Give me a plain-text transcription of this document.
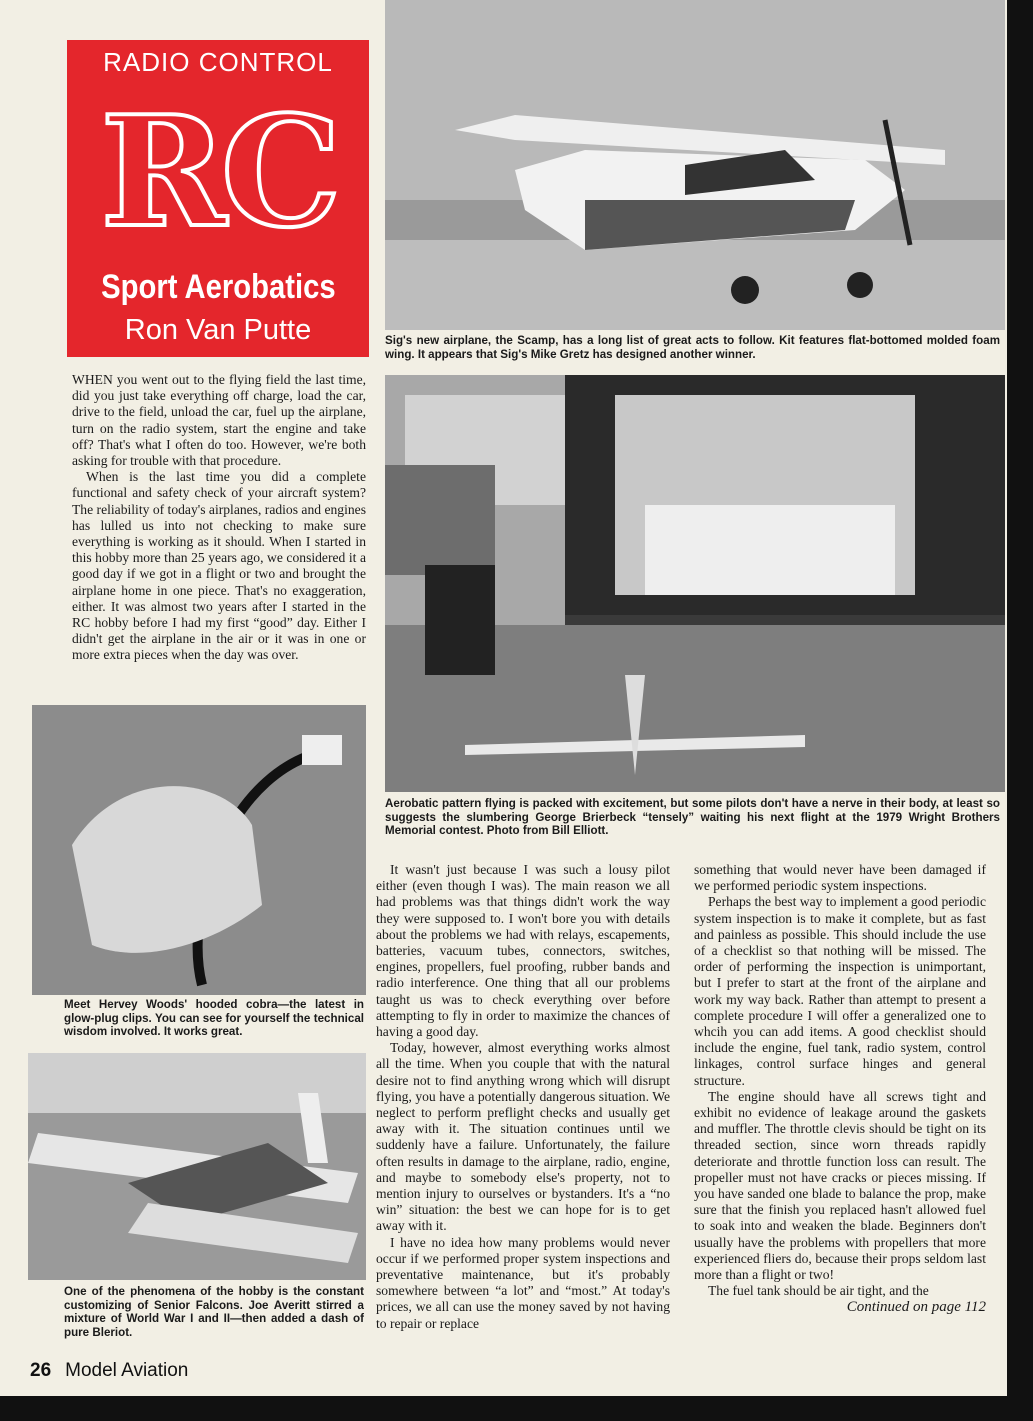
RADIO CONTROL
RC
Sport Aerobatics
Ron Van Putte	Sig's new airplane, the Scamp, has a long list of great acts to follow. Kit features flat-bottomed molded foam wing. It appears that Sig's Mike Gretz has designed another winner.
Aerobatic pattern flying is packed with excitement, but some pilots don't have a nerve in their body, at least so suggests the slumbering George Brierbeck “tensely” waiting his next flight at the 1979 Wright Brothers Memorial contest. Photo from Bill Elliott.

WHEN you went out to the flying field the last time, did you just take everything off charge, load the car, drive to the field, unload the car, fuel up the airplane, turn on the radio system, start the engine and take off? That's what I often do too. However, we're both asking for trouble with that procedure.

When is the last time you did a complete functional and safety check of your aircraft system? The reliability of today's airplanes, radios and engines has lulled us into not checking to make sure everything is working as it should. When I started in this hobby more than 25 years ago, we considered it a good day if we got in a flight or two and brought the airplane home in one piece. That's no exaggeration, either. It was almost two years after I started in the RC hobby before I had my first “good” day. Either I didn't get the airplane in the air or it was in one or more extra pieces when the day was over.

Meet Hervey Woods' hooded cobra—the latest in glow-plug clips. You can see for yourself the technical wisdom involved. It works great.
One of the phenomena of the hobby is the constant customizing of Senior Falcons. Joe Averitt stirred a mixture of World War I and II—then added a dash of pure Bleriot.

It wasn't just because I was such a lousy pilot either (even though I was). The main reason we all had problems was that things didn't work the way they were supposed to. I won't bore you with details about the problems we had with relays, escapements, batteries, vacuum tubes, connectors, switches, engines, propellers, fuel proofing, rubber bands and radio interference. One thing that all our problems taught us was to check everything over before attempting to fly in order to maximize the chances of having a good day.

Today, however, almost everything works almost all the time. When you couple that with the natural desire not to find anything wrong which will disrupt flying, you have a potentially dangerous situation. We neglect to perform preflight checks and usually get away with it. The situation continues until we suddenly have a failure. Unfortunately, the failure often results in damage to the airplane, radio, engine, and maybe to somebody else's property, not to mention injury to ourselves or bystanders. It's a “no win” situation: the best we can hope for is to get away with it.

I have no idea how many problems would never occur if we performed proper system inspections and preventative maintenance, but it's probably somewhere between “a lot” and “most.” At today's prices, we all can use the money saved by not having to repair or replace

something that would never have been damaged if we performed periodic system inspections.

Perhaps the best way to implement a good periodic system inspection is to make it complete, but as fast and painless as possible. This should include the use of a checklist so that nothing will be missed. The order of performing the inspection is unimportant, but I prefer to start at the front of the airplane and work my way back. Rather than attempt to present a complete procedure I will offer a generalized one to whcih you can add items. A good checklist should include the engine, fuel tank, radio system, control linkages, control surface hinges and general structure.

The engine should have all screws tight and exhibit no evidence of leakage around the gaskets and muffler. The throttle clevis should be tight on its threaded section, since worn threads rapidly deteriorate and throttle function loss can result. The propeller must not have cracks or pieces missing. If you have sanded one blade to balance the prop, make sure that the finish you replaced hasn't allowed fuel to soak into and weaken the blade. Beginners don't usually have the problems with propellers that more experienced fliers do, because their props seldom last more than a flight or two!

The fuel tank should be air tight, and the

Continued on page 112
26 Model Aviation
